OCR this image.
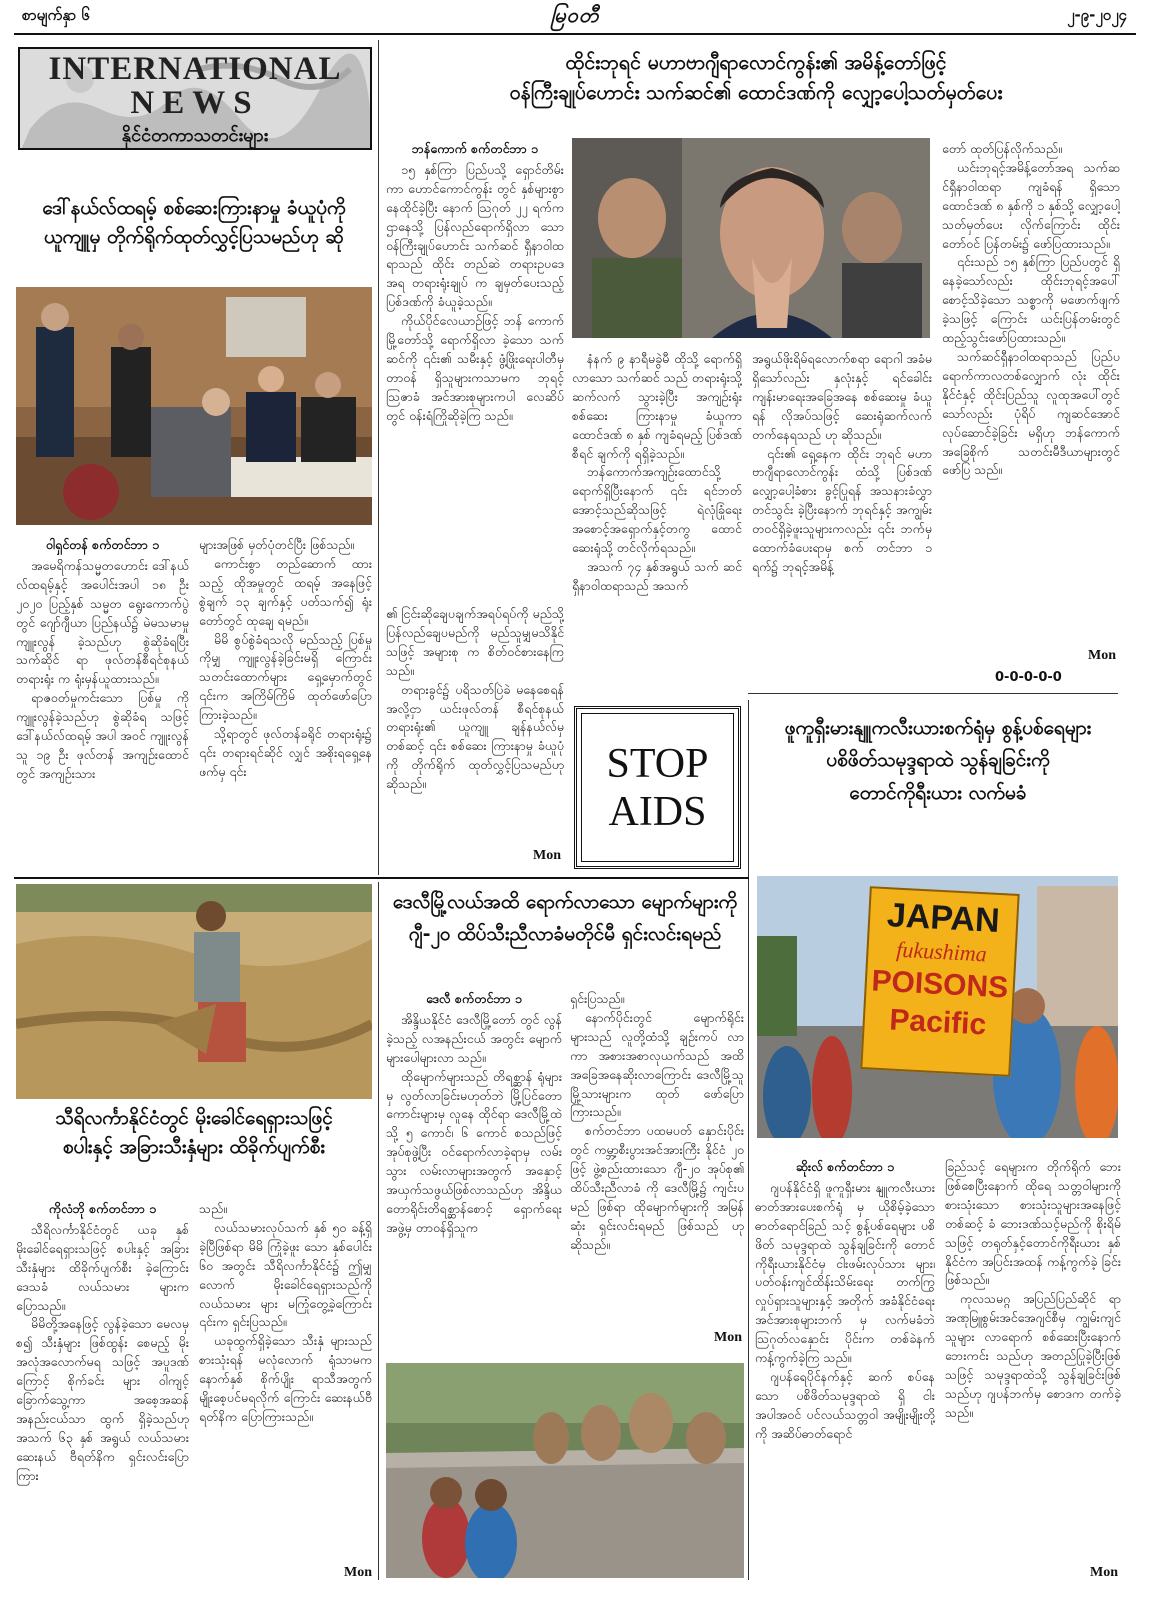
စာမျက်နှာ ၆	မြဝတီ	၂-၉-၂၀၂၄
INTERNATIONAL
NEWS
နိုင်ငံတကာသတင်းများ
ထိုင်းဘုရင် မဟာဗာဂျီရာလောင်ကွန်း၏ အမိန့်တော်ဖြင့်
ဝန်ကြီးချုပ်ဟောင်း သက်ဆင်၏ ထောင်ဒဏ်ကို လျှော့ပေါ့သတ်မှတ်ပေး
ဘန်ကောက် စက်တင်ဘာ ၁

၁၅ နှစ်ကြာ ပြည်ပသို့ ရှောင်တိမ်းကာ ဟောင်ကောင်ကွန်း တွင် နှစ်များစွာ နေထိုင်ခဲ့ပြီး နောက် ဩဂုတ် ၂၂ ရက်က ဌာနေသို့ ပြန်လည်ရောက်ရှိလာ သော ဝန်ကြီးချုပ်ဟောင်း သက်ဆင် ရှီနာဝါထရာသည် ထိုင်း တည်ဆဲ တရားဥပဒေအရ တရားရုံးချုပ် က ချမှတ်ပေးသည့် ပြစ်ဒဏ်ကို ခံယူခဲ့သည်။

ကိုယ်ပိုင်လေယာဉ်ဖြင့် ဘန် ကောက်မြို့တော်သို့ ရောက်ရှိလာ ခဲ့သော သက်ဆင်ကို ၎င်း၏ သမီးနှင့် ဖွံ့ဖြိုးရေးပါတီမှ တာဝန် ရှိသူများကသာမက ဘုရင့်ဩဇာခံ အင်အားစုများကပါ လေဆိပ် တွင် ဝန်းရံကြိုဆိုခဲ့ကြ သည်။

နံနက် ၉ နာရီမခွဲမီ ထိုသို့ ရောက်ရှိလာသော သက်ဆင် သည် တရားရုံးသို့ ဆက်လက် သွားခဲ့ပြီး အကျဉ်းရုံးစစ်ဆေး ကြားနာမှု ခံယူကာ ထောင်ဒဏ် ၈ နှစ် ကျခံရမည့် ပြစ်ဒဏ်စီရင် ချက်ကို ရရှိခဲ့သည်။

ဘန်ကောက်အကျဉ်းထောင်သို့ ရောက်ရှိပြီးနောက် ၎င်း ရင်ဘတ် အောင့်သည်ဆိုသဖြင့် ရဲလုံခြုံရေး အစောင့်အရှောက်နှင့်တကွ ထောင် ဆေးရုံသို့ တင်လိုက်ရသည်။

အသက် ၇၄ နှစ်အရွယ် သက် ဆင်ရှီနာဝါထရာသည် အသက်

အရွယ်ဖိုးရိမ်ရလောက်စရာ ရောဂါ အခံမရှိသော်လည်း နှလုံးနှင့် ရင်ခေါင်းကျန်းမာရေးအခြေအနေ စစ်ဆေးမှု ခံယူရန် လိုအပ်သဖြင့် ဆေးရုံဆက်လက်တက်နေရသည် ဟု ဆိုသည်။

၎င်း၏ ရှေ့နေက ထိုင်း ဘုရင် မဟာဗာဂျီရာလောင်ကွန်း ထံသို့ ပြစ်ဒဏ်လျှော့ပေါ့ခံစား ခွင့်ပြုရန် အသနားခံလွှာတင်သွင်း ခဲ့ပြီးနောက် ဘုရင်နှင့် အကျွမ်း တဝင်ရှိခဲ့ဖူးသူများကလည်း ၎င်း ဘက်မှ ထောက်ခံပေးရာမှ စက် တင်ဘာ ၁ ရက်၌ ဘုရင့်အမိန့်

တော် ထုတ်ပြန်လိုက်သည်။

ယင်းဘုရင့်အမိန့်တော်အရ သက်ဆင်ရှီနာဝါထရာ ကျခံရန် ရှိသော ထောင်ဒဏ် ၈ နှစ်ကို ၁ နှစ်သို့ လျှော့ပေါ့သတ်မှတ်ပေး လိုက်ကြောင်း ထိုင်းတော်ဝင် ပြန်တမ်း၌ ဖော်ပြထားသည်။

၎င်းသည် ၁၅ နှစ်ကြာ ပြည်ပတွင် ရှိနေခဲ့သော်လည်း ထိုင်းဘုရင့်အပေါ် စောင့်သိခဲ့သော သစ္စာကို မဖောက်ဖျက်ခဲ့သဖြင့် ကြောင်း ယင်းပြန်တမ်းတွင် ထည့်သွင်းဖော်ပြထားသည်။

သက်ဆင်ရှီနာဝါထရာသည် ပြည်ပရောက်ကာလတစ်လျှောက် လုံး ထိုင်းနိုင်ငံနှင့် ထိုင်းပြည်သူ လူထုအပေါ်တွင်သော်လည်း ပုံရိပ် ကျဆင်အောင် လုပ်ဆောင်ခဲ့ခြင်း မရှိဟု ဘန်ကောက်အခြေစိုက် သတင်းမီဒီယာများတွင် ဖော်ပြ သည်။

Mon
0-0-0-0-0
ဒေါ်နယ်လ်ထရမ့် စစ်ဆေးကြားနာမှု ခံယူပုံကို
ယူကျူမှ တိုက်ရိုက်ထုတ်လွှင့်ပြသမည်ဟု ဆို
ဝါရှင်တန် စက်တင်ဘာ ၁

အမေရိကန်သမ္မတဟောင်း ဒေါ်နယ်လ်ထရမ့်နှင့် အပေါင်းအပါ ၁၈ ဦး ၂၀၂၀ ပြည့်နှစ် သမ္မတ ရွေးကောက်ပွဲတွင် ဂျော်ဂျီယာ ပြည်နယ်၌ မဲမသမာမှု ကျူးလွန် ခဲ့သည်ဟု စွဲဆိုခံရပြီး သက်ဆိုင် ရာ ဖုလ်တန်စီရင်စုနယ်တရားရုံး က ရုံးမှန်ယူထားသည်။

ရာဇဝတ်မှုကင်းသော ပြစ်မှု ကို ကျူးလွန်ခဲ့သည်ဟု စွဲဆိုခံရ သဖြင့် ဒေါ်နယ်လ်ထရမ့် အပါ အဝင် ကျူးလွန်သူ ၁၉ ဦး ဖုလ်တန် အကျဉ်းထောင်တွင် အကျဉ်းသား

များအဖြစ် မှတ်ပုံတင်ပြီး ဖြစ်သည်။

ကောင်းစွာ တည်ဆောက် ထားသည့် ထိုအမှုတွင် ထရမ့် အနေဖြင့် စွဲချက် ၁၃ ချက်နှင့် ပတ်သက်၍ ရုံးတော်တွင် ထုချေ ရမည်။

မိမိ စွပ်စွဲခံရသလို မည်သည့် ပြစ်မှုကိုမျှ ကျူးလွန်ခဲ့ခြင်းမရှိ ကြောင်း သတင်းထောက်များ ရှေ့မှောက်တွင် ၎င်းက အကြိမ်ကြိမ် ထုတ်ဖော်ပြောကြားခဲ့သည်။

သို့ရာတွင် ဖုလ်တန်ခရိုင် တရားရုံး၌ ၎င်း တရားရင်ဆိုင် လျှင် အစိုးရရှေ့နေဖက်မှ ၎င်း

၏ ငြင်းဆိုချေပချက်အရပ်ရပ်ကို မည်သို့ ပြန်လည်ချေပမည်ကို မည်သူမျှမသိနိုင်သဖြင့် အများစု က စိတ်ဝင်စားနေကြသည်။

တရားခွင်၌ ပရိသတ်ပြဲခဲ မနေစေရန်အလို့ငှာ ယင်းဖုလ်တန် စီရင်စုနယ် တရားရုံး၏ ယူကျူ ချန်နယ်လ်မှတစ်ဆင့် ၎င်း စစ်ဆေး ကြားနာမှု ခံယူပုံကို တိုက်ရိုက် ထုတ်လွှင့်ပြသမည်ဟု ဆိုသည်။

Mon
STOP
AIDS
ဖူကူရှီးမားနျူကလီးယားစက်ရုံမှ စွန့်ပစ်ရေများ
ပစိဖိတ်သမုဒ္ဒရာထဲ သွန်ချခြင်းကို
တောင်ကိုရီးယား လက်မခံ
JAPAN
fukushima
POISONS
Pacific
ဆိုးလ် စက်တင်ဘာ ၁

ဂျပန်နိုင်ငံရှိ ဖူကူရှီးမား နျူကလီးယားဓာတ်အားပေးစက်ရုံ မှ ယိုစိမ့်ခဲ့သော ဓာတ်ရောင်ခြည် သင့် စွန့်ပစ်ရေများ ပစိဖိတ် သမုဒ္ဒရာထဲ သွန်ချခြင်းကို တောင် ကိုရီးယားနိုင်ငံမှ ငါးဖမ်းလုပ်သား များ၊ ပတ်ဝန်းကျင်ထိန်းသိမ်းရေး တက်ကြွလှုပ်ရှားသူများနှင့် အတိုက် အခံနိုင်ငံရေးအင်အားစုများဘက် မှ လက်မခံဘဲ ဩဂုတ်လနှောင်း ပိုင်းက တစ်ခဲနက်ကန့်ကွက်ခဲ့ကြ သည်။

ဂျပန်ရေပိုင်နက်နှင့် ဆက် စပ်နေသော ပစိဖိတ်သမုဒ္ဒရာထဲ ရှိ ငါးအပါအဝင် ပင်လယ်သတ္တဝါ အမျိုးမျိုးတို့ကို အဆိပ်ဓာတ်ရောင်

ခြည်သင့် ရေများက တိုက်ရိုက် ဘေးဖြစ်စေပြီးနောက် ထိုရေ သတ္တဝါများကို စားသုံးသော စားသုံးသူများအနေဖြင့် တစ်ဆင့် ခံ ဘေးဒဏ်သင့်မည်ကို စိုးရိမ် သဖြင့် တရုတ်နှင့်တောင်ကိုရီးယား နှစ်နိုင်ငံက အပြင်းအထန် ကန့်ကွက်ခဲ့ ခြင်း ဖြစ်သည်။

ကုလသမဂ္ဂ အပြည်ပြည်ဆိုင် ရာ အဏုမြူစွမ်းအင်အေဂျင်စီမှ ကျွမ်းကျင်သူများ လာရောက် စစ်ဆေးပြီးနောက် ဘေးကင်း သည်ဟု အတည်ပြုခဲ့ပြီးဖြစ်သဖြင့် သမုဒ္ဒရာထဲသို့ သွန်ချခြင်းဖြစ် သည်ဟု ဂျပန်ဘက်မှ စောဒက တက်ခဲ့သည်။

Mon
သီရိလင်္ကာနိုင်ငံတွင် မိုးခေါင်ရေရှားသဖြင့်
စပါးနှင့် အခြားသီးနှံများ ထိခိုက်ပျက်စီး
ကိုလံဘို စက်တင်ဘာ ၁

သီရိလင်္ကာနိုင်ငံတွင် ယခု နှစ် မိုးခေါင်ရေရှားသဖြင့် စပါးနှင့် အခြားသီးနှံများ ထိခိုက်ပျက်စီး ခဲ့ကြောင်း ဒေသခံ လယ်သမား များက ပြောသည်။

မိမိတို့အနေဖြင့် လွန်ခဲ့သော မေလမှစ၍ သီးနှံများ ဖြစ်ထွန်း စေမည့် မိုးအလုံအလောက်မရ သဖြင့် အပူဒဏ်ကြောင့် စိုက်ခင်း များ ဝါကျင့်ခြောက်သွေ့ကာ အစေ့အဆန်အနည်းငယ်သာ ထွက် ရှိခဲ့သည်ဟု အသက် ၆၃ နှစ် အရွယ် လယ်သမား ဆေးနယ် ဗီရတ်နိက ရှင်းလင်းပြောကြား

သည်။

လယ်သမားလုပ်သက် နှစ် ၅၀ ခန့်ရှိခဲ့ပြီဖြစ်ရာ မိမိ ကြုံခဲ့ဖူး သော နှစ်ပေါင်း ၆၀ အတွင်း သီရိလင်္ကာနိုင်ငံ၌ ဤမျှလောက် မိုးခေါင်ရေရှားသည်ကို လယ်သမား များ မကြုံတွေ့ခဲ့ကြောင်း ၎င်းက ရှင်းပြသည်။

ယခုထွက်ရှိခဲ့သော သီးနှံ များသည် စားသုံးရန် မလုံလောက် ရုံသာမက နောက်နှစ် စိုက်ပျိုး ရာသီအတွက် မျိုးစေ့ပင်မရလိုက် ကြောင်း ဆေးနယ်ဗီရတ်နိက ပြောကြားသည်။

Mon
ဒေလီမြို့လယ်အထိ ရောက်လာသော မျောက်များကို
ဂျီ-၂၀ ထိပ်သီးညီလာခံမတိုင်မီ ရှင်းလင်းရမည်
ဒေလီ စက်တင်ဘာ ၁

အိန္ဒိယနိုင်ငံ ဒေလီမြို့တော် တွင် လွန်ခဲ့သည့် လအနည်းငယ် အတွင်း မျောက်များပေါများလာ သည်။

ထိုမျောက်များသည် တိရစ္ဆာန် ရုံများမှ လွတ်လာခြင်းမဟုတ်ဘဲ မြို့ပြင်တောကောင်းများမှ လူနေ ထိုင်ရာ ဒေလီမြို့ထဲသို့ ၅ ကောင်၊ ၆ ကောင် စသည်ဖြင့် အုပ်စုဖွဲ့ပြီး ဝင်ရောက်လာခဲ့ရာမှ လမ်းသွား လမ်းလာများအတွက် အနှောင့် အယှက်သဖွယ်ဖြစ်လာသည်ဟု အိန္ဒိယတောရိုင်းတိရစ္ဆာန်စောင့် ရှောက်ရေးအဖွဲ့မှ တာဝန်ရှိသူက

ရှင်းပြသည်။

နောက်ပိုင်းတွင် မျောက်ရိုင်း များသည် လူတို့ထံသို့ ချဉ်းကပ် လာကာ အစားအစာလုယက်သည် အထိ အခြေအနေဆိုးလာကြောင်း ဒေလီမြို့သူ မြို့သားများက ထုတ် ဖော်ပြောကြားသည်။

စက်တင်ဘာ ပထမပတ် နှောင်းပိုင်းတွင် ကမ္ဘာ့စီးပွားအင်အားကြီး နိုင်ငံ ၂၀ ဖြင့် ဖွဲ့စည်းထားသော ဂျီ-၂၀ အုပ်စု၏ ထိပ်သီးညီလာခံ ကို ဒေလီမြို့၌ ကျင်းပမည် ဖြစ်ရာ ထိုမျောက်များကို အမြန် ဆုံး ရှင်းလင်းရမည် ဖြစ်သည် ဟု ဆိုသည်။

Mon
